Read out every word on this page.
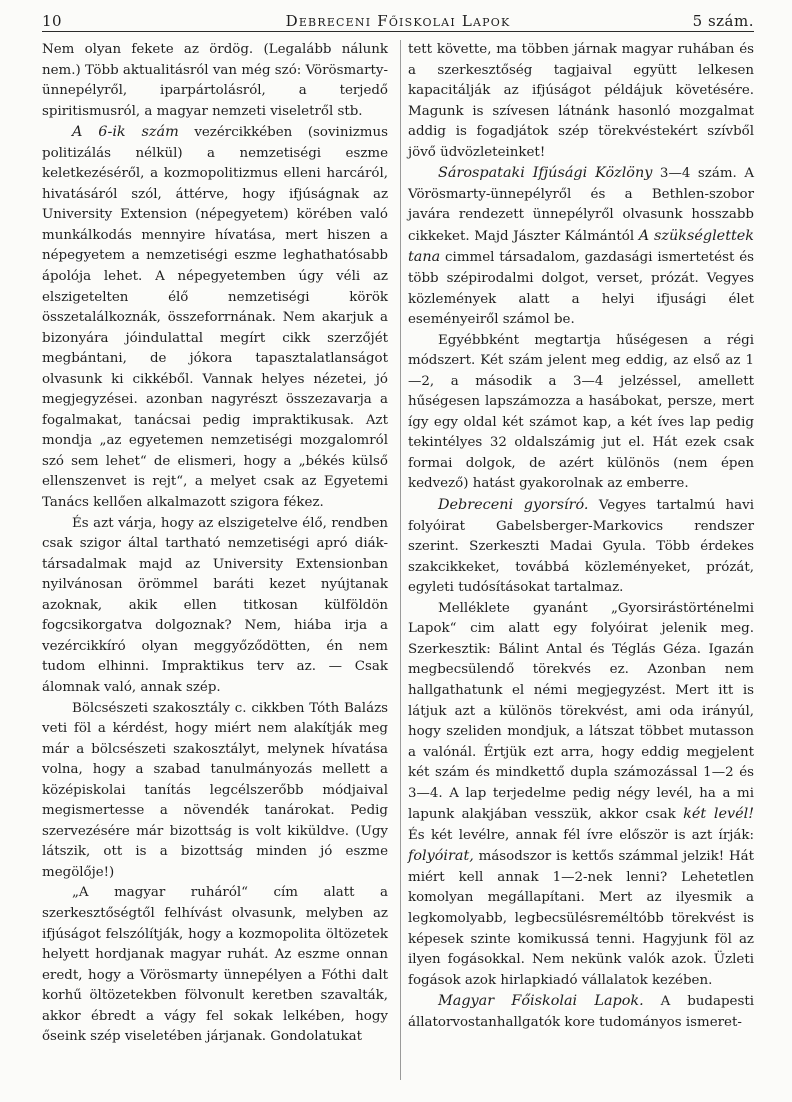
10	Debreceni Főiskolai Lapok	5 szám.

Nem olyan fekete az ördög. (Legalább nálunk nem.) Több aktualitásról van még szó: Vörösmarty-ünnepélyről, iparpártolásról, a terjedő spiritismusról, a magyar nemzeti viseletről stb.

A 6-ik szám vezércikkében (sovinizmus politizálás nélkül) a nemzetiségi eszme keletkezéséről, a kozmopolitizmus elleni harcáról, hivatásáról szól, áttérve, hogy ifjúságnak az University Extension (népegyetem) körében való munkálkodás mennyire hívatása, mert hiszen a népegyetem a nemzetiségi eszme leghathatósabb ápolója lehet. A népegyetemben úgy véli az elszigetelten élő nemzetiségi körök összetalálkoznák, összeforrnának. Nem akarjuk a bizonyára jóindulattal megírt cikk szerzőjét megbántani, de jókora tapasztalatlanságot olvasunk ki cikkéből. Vannak helyes nézetei, jó megjegyzései. azonban nagyrészt összezavarja a fogalmakat, tanácsai pedig impraktikusak. Azt mondja „az egyetemen nemzetiségi mozgalomról szó sem lehet“ de elismeri, hogy a „békés külső ellenszenvet is rejt“, a melyet csak az Egyetemi Tanács kellően alkalmazott szigora fékez.

És azt várja, hogy az elszigetelve élő, rendben csak szigor által tartható nemzetiségi apró diák-társadalmak majd az University Extensionban nyilvánosan örömmel baráti kezet nyújtanak azoknak, akik ellen titkosan külföldön fogcsikorgatva dolgoznak? Nem, hiába irja a vezércikkíró olyan meggyőződötten, én nem tudom elhinni. Impraktikus terv az. — Csak álomnak való, annak szép.

Bölcsészeti szakosztály c. cikkben Tóth Balázs veti föl a kérdést, hogy miért nem alakítják meg már a bölcsészeti szakosztályt, melynek hívatása volna, hogy a szabad tanulmányozás mellett a középiskolai tanítás legcélszerőbb módjaival megismertesse a növendék tanárokat. Pedig szervezésére már bizottság is volt kiküldve. (Ugy látszik, ott is a bizottság minden jó eszme megölője!)

„A magyar ruháról“ cím alatt a szerkesztőségtől felhívást olvasunk, melyben az ifjúságot felszólítják, hogy a kozmopolita öltözetek helyett hordjanak magyar ruhát. Az eszme onnan eredt, hogy a Vörösmarty ünnepélyen a Fóthi dalt korhű öltözetekben fölvonult keretben szavalták, akkor ébredt a vágy fel sokak lelkében, hogy őseink szép viseletében járjanak. Gondolatukat

tett követte, ma többen járnak magyar ruhában és a szerkesztőség tagjaival együtt lelkesen kapacitálják az ifjúságot példájuk követésére. Magunk is szívesen látnánk hasonló mozgalmat addig is fogadjátok szép törekvéstekért szívből jövő üdvözleteinket!

Sárospataki Ifjúsági Közlöny 3—4 szám. A Vörösmarty-ünnepélyről és a Bethlen-szobor javára rendezett ünnepélyről olvasunk hosszabb cikkeket. Majd Jászter Kálmántól A szükséglettek tana cimmel társadalom, gazdasági ismertetést és több szépirodalmi dolgot, verset, prózát. Vegyes közlemények alatt a helyi ifjusági élet eseményeiről számol be.

Egyébbként megtartja hűségesen a régi módszert. Két szám jelent meg eddig, az első az 1—2, a második a 3—4 jelzéssel, amellett hűségesen lapszámozza a hasábokat, persze, mert így egy oldal két számot kap, a két íves lap pedig tekintélyes 32 oldalszámig jut el. Hát ezek csak formai dolgok, de azért különös (nem épen kedvező) hatást gyakorolnak az emberre.

Debreceni gyorsíró. Vegyes tartalmú havi folyóirat Gabelsberger-Markovics rendszer szerint. Szerkeszti Madai Gyula. Több érdekes szakcikkeket, továbbá közleményeket, prózát, egyleti tudósításokat tartalmaz.

Melléklete gyanánt „Gyorsirástörténelmi Lapok“ cim alatt egy folyóirat jelenik meg. Szerkesztik: Bálint Antal és Téglás Géza. Igazán megbecsülendő törekvés ez. Azonban nem hallgathatunk el némi megjegyzést. Mert itt is látjuk azt a különös törekvést, ami oda irányúl, hogy szeliden mondjuk, a látszat többet mutasson a valónál. Értjük ezt arra, hogy eddig megjelent két szám és mindkettő dupla számozással 1—2 és 3—4. A lap terjedelme pedig négy levél, ha a mi lapunk alakjában vesszük, akkor csak két levél! És két levélre, annak fél ívre először is azt írják: folyóirat, másodszor is kettős számmal jelzik! Hát miért kell annak 1—2-nek lenni? Lehetetlen komolyan megállapítani. Mert az ilyesmik a legkomolyabb, legbecsülésreméltóbb törekvést is képesek szinte komikussá tenni. Hagyjunk föl az ilyen fogásokkal. Nem nekünk valók azok. Üzleti fogások azok hirlapkiadó vállalatok kezében.

Magyar Főiskolai Lapok. A budapesti állatorvostanhallgatók kore tudományos ismeret-
